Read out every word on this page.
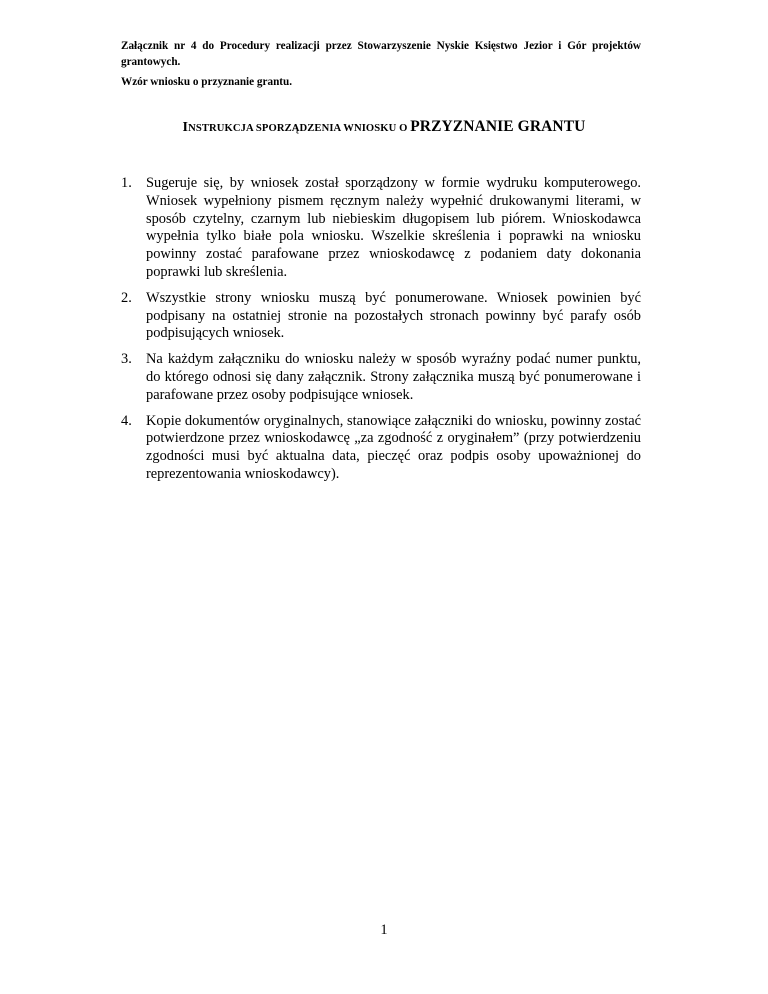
Załącznik nr 4 do Procedury realizacji przez Stowarzyszenie Nyskie Księstwo Jezior i Gór projektów grantowych.
Wzór wniosku o przyznanie grantu.
INSTRUKCJA SPORZĄDZENIA WNIOSKU O PRZYZNANIE GRANTU
1. Sugeruje się, by wniosek został sporządzony w formie wydruku komputerowego. Wniosek wypełniony pismem ręcznym należy wypełnić drukowanymi literami, w sposób czytelny, czarnym lub niebieskim długopisem lub piórem. Wnioskodawca wypełnia tylko białe pola wniosku. Wszelkie skreślenia i poprawki na wniosku powinny zostać parafowane przez wnioskodawcę z podaniem daty dokonania poprawki lub skreślenia.
2. Wszystkie strony wniosku muszą być ponumerowane. Wniosek powinien być podpisany na ostatniej stronie na pozostałych stronach powinny być parafy osób podpisujących wniosek.
3. Na każdym załączniku do wniosku należy w sposób wyraźny podać numer punktu, do którego odnosi się dany załącznik. Strony załącznika muszą być ponumerowane i parafowane przez osoby podpisujące wniosek.
4. Kopie dokumentów oryginalnych, stanowiące załączniki do wniosku, powinny zostać potwierdzone przez wnioskodawcę „za zgodność z oryginałem” (przy potwierdzeniu zgodności musi być aktualna data, pieczęć oraz podpis osoby upoważnionej do reprezentowania wnioskodawcy).
1
